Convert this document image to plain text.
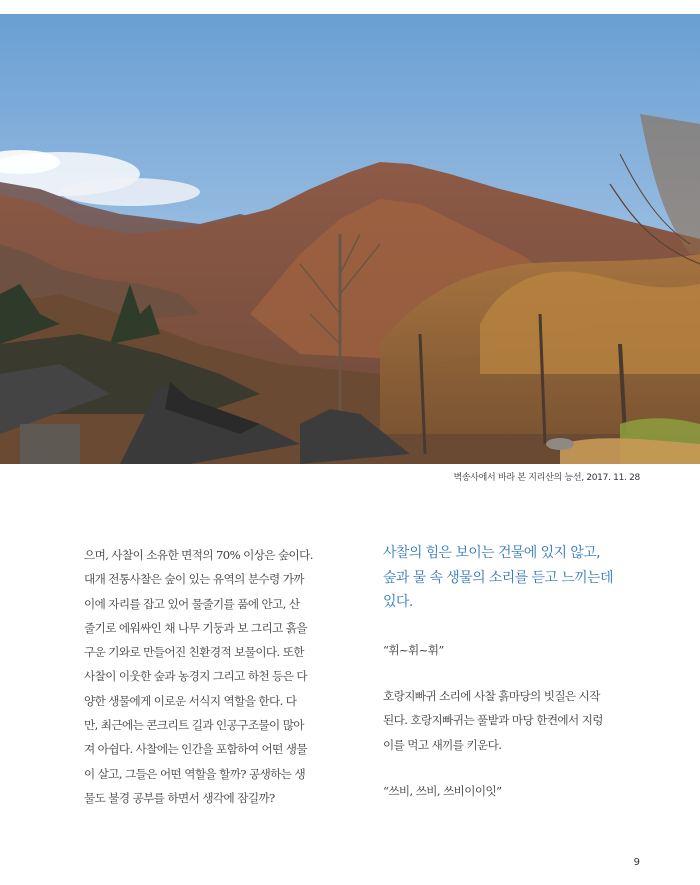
벽송사에서 바라 본 지리산의 능선, 2017. 11. 28

으며, 사찰이 소유한 면적의 70% 이상은 숲이다.
대개 전통사찰은 숲이 있는 유역의 분수령 가까
이에 자리를 잡고 있어 물줄기를 품에 안고, 산
줄기로 에워싸인 채 나무 기둥과 보 그리고 흙을
구운 기와로 만들어진 친환경적 보물이다. 또한
사찰이 이웃한 숲과 농경지 그리고 하천 등은 다
양한 생물에게 이로운 서식지 역할을 한다. 다
만, 최근에는 콘크리트 길과 인공구조물이 많아
져 아쉽다. 사찰에는 인간을 포함하여 어떤 생물
이 살고, 그들은 어떤 역할을 할까? 공생하는 생
물도 불경 공부를 하면서 생각에 잠길까?

사찰의 힘은 보이는 건물에 있지 않고,
숲과 물 속 생물의 소리를 듣고 느끼는데
있다.

“휘~휘~휘”

호랑지빠귀 소리에 사찰 흙마당의 빗질은 시작
된다. 호랑지빠귀는 풀밭과 마당 한켠에서 지렁
이를 먹고 새끼를 키운다.

“쓰비, 쓰비, 쓰비이이잇”

9
